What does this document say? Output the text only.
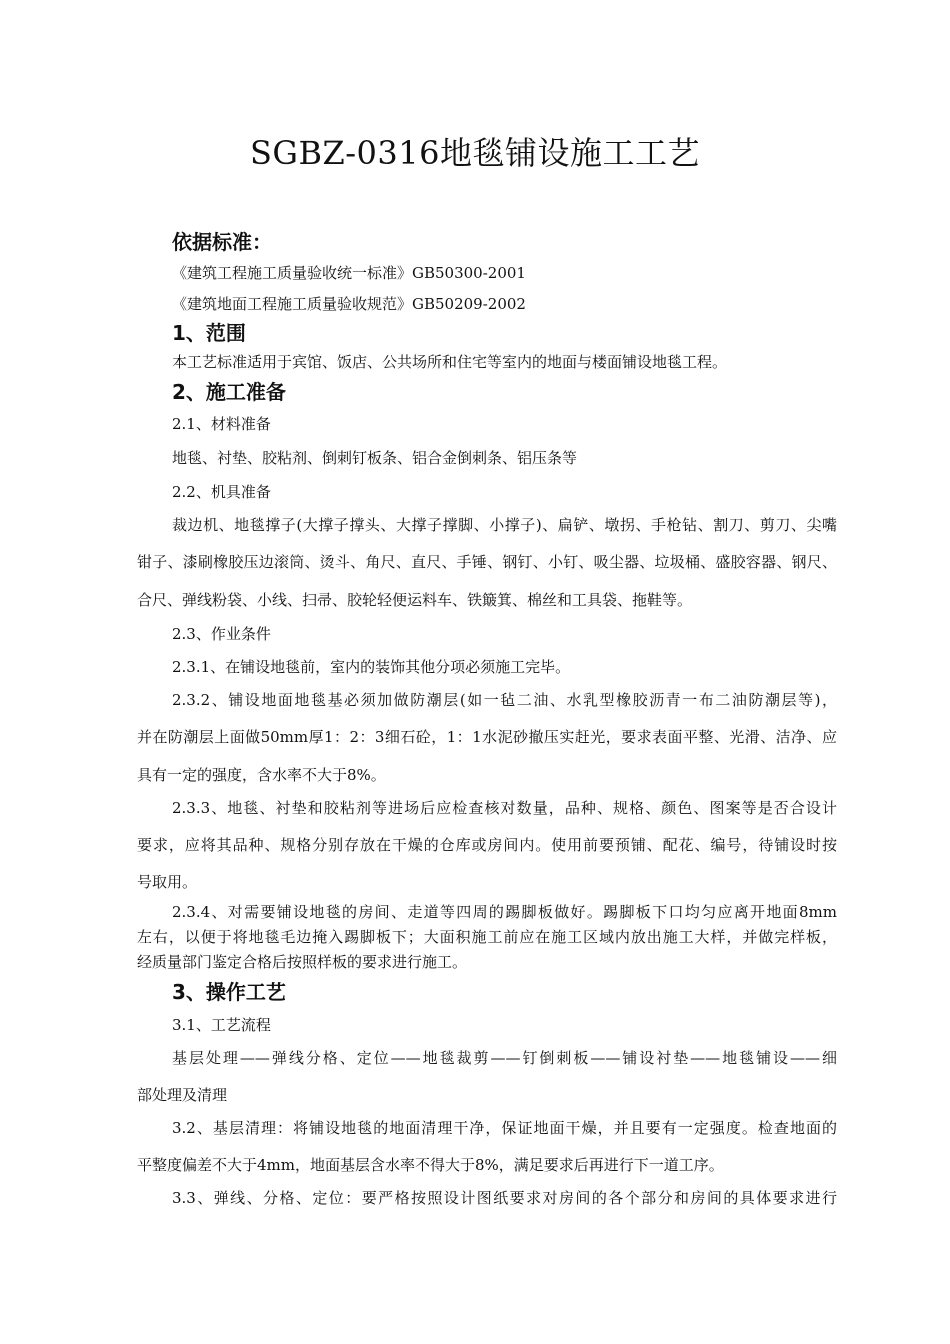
SGBZ-0316地毯铺设施工工艺
依据标准：
《建筑工程施工质量验收统一标准》GB50300-2001
《建筑地面工程施工质量验收规范》GB50209-2002
1、范围
本工艺标准适用于宾馆、饭店、公共场所和住宅等室内的地面与楼面铺设地毯工程。
2、施工准备
2.1、材料准备
地毯、衬垫、胶粘剂、倒刺钉板条、铝合金倒刺条、铝压条等
2.2、机具准备
裁边机、地毯撑子(大撑子撑头、大撑子撑脚、小撑子)、扁铲、墩拐、手枪钻、割刀、剪刀、尖嘴
钳子、漆刷橡胶压边滚筒、烫斗、角尺、直尺、手锤、钢钉、小钉、吸尘器、垃圾桶、盛胶容器、钢尺、
合尺、弹线粉袋、小线、扫帚、胶轮轻便运料车、铁簸箕、棉丝和工具袋、拖鞋等。
2.3、作业条件
2.3.1、在铺设地毯前，室内的装饰其他分项必须施工完毕。
2.3.2、铺设地面地毯基必须加做防潮层(如一毡二油、水乳型橡胶沥青一布二油防潮层等)，
并在防潮层上面做50mm厚1：2：3细石砼，1：1水泥砂撤压实赶光，要求表面平整、光滑、洁净、应
具有一定的强度，含水率不大于8%。
2.3.3、地毯、衬垫和胶粘剂等进场后应检查核对数量，品种、规格、颜色、图案等是否合设计
要求，应将其品种、规格分别存放在干燥的仓库或房间内。使用前要预铺、配花、编号，待铺设时按
号取用。
2.3.4、对需要铺设地毯的房间、走道等四周的踢脚板做好。踢脚板下口均匀应离开地面8mm
左右，以便于将地毯毛边掩入踢脚板下；大面积施工前应在施工区域内放出施工大样，并做完样板，
经质量部门鉴定合格后按照样板的要求进行施工。
3、操作工艺
3.1、工艺流程
基层处理——弹线分格、定位——地毯裁剪——钉倒刺板——铺设衬垫——地毯铺设——细
部处理及清理
3.2、基层清理：将铺设地毯的地面清理干净，保证地面干燥，并且要有一定强度。检查地面的
平整度偏差不大于4mm，地面基层含水率不得大于8%，满足要求后再进行下一道工序。
3.3、弹线、分格、定位：要严格按照设计图纸要求对房间的各个部分和房间的具体要求进行
